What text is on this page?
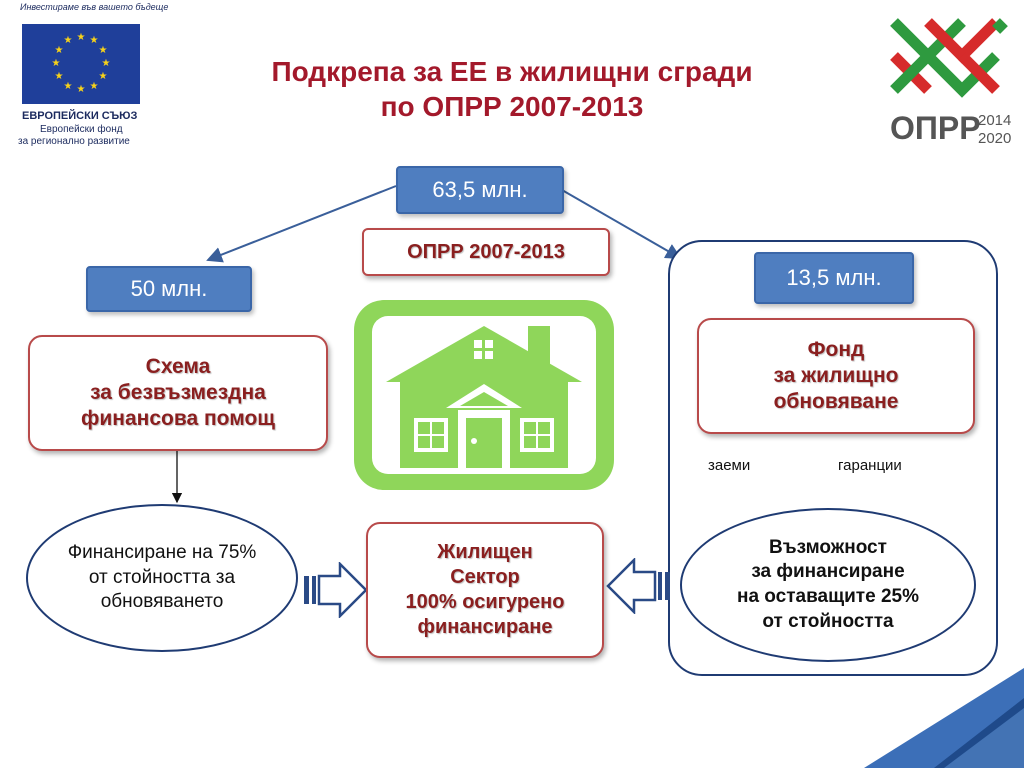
Инвестираме във вашето бъдеще
★ ★
★
★
★
★
★
★
★
★
★
★
ЕВРОПЕЙСКИ СЪЮЗ
Европейски фонд
за регионално развитие	ОПРР
2014
2020
Подкрепа за ЕЕ в жилищни сгради
по ОПРР 2007-2013
63,5 млн.
ОПРР 2007-2013
50 млн.	13,5 млн.
Схема
за безвъзмездна
финансова помощ
Фонд
за жилищно
обновяване
заеми	гаранции
Финансиране на 75%
от стойността за
обновяването
Възможност
за финансиране
на оставащите 25%
от стойността
Жилищен
Сектор
100% осигурено
финансиране
